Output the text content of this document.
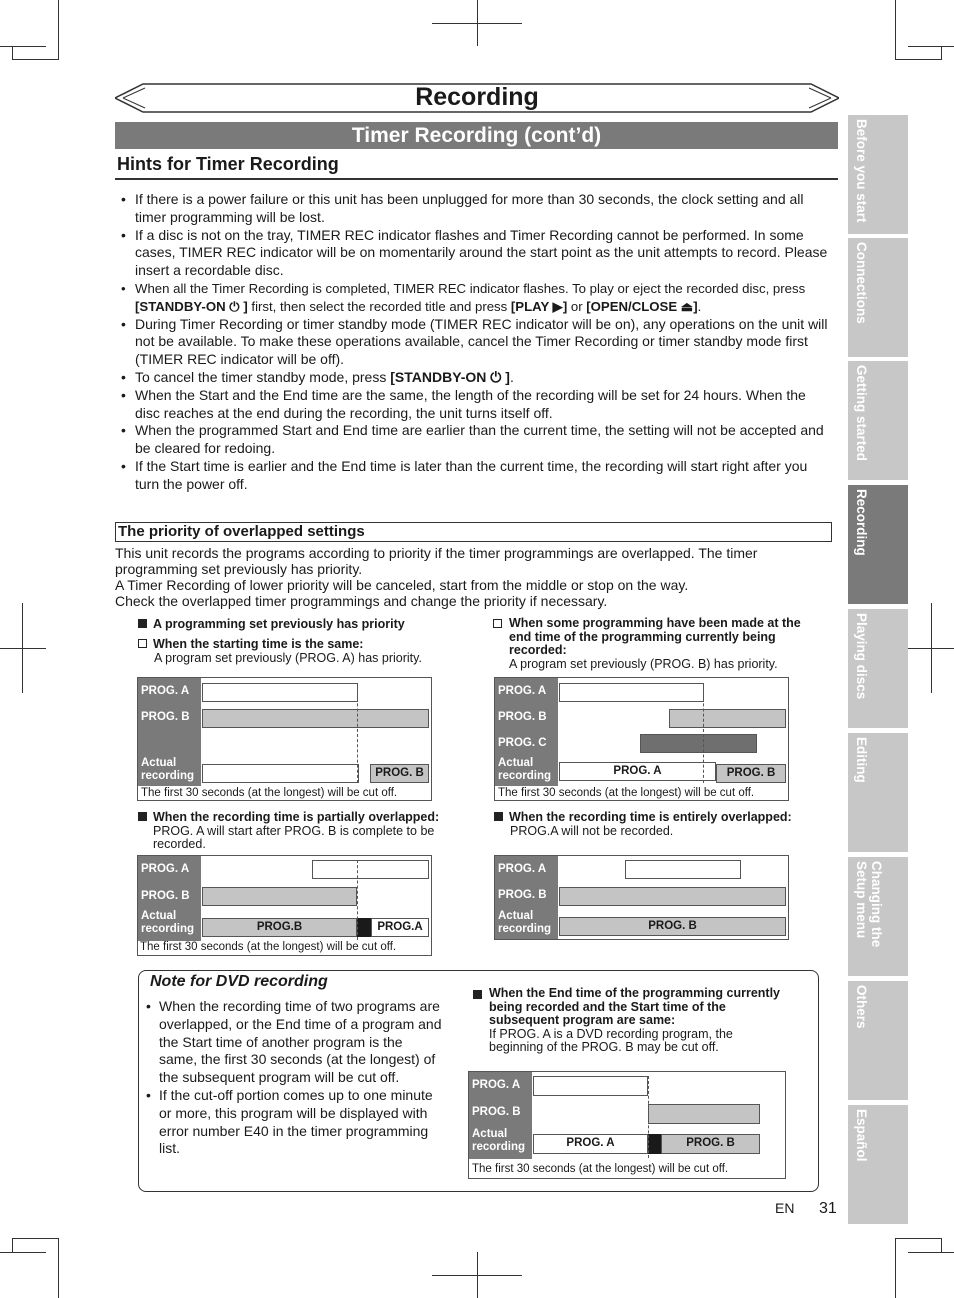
Recording
Timer Recording (cont’d)
Hints for Timer Recording
• If there is a power failure or this unit has been unplugged for more than 30 seconds, the clock setting and all timer programming will be lost.
• If a disc is not on the tray, TIMER REC indicator flashes and Timer Recording cannot be performed. In some cases, TIMER REC indicator will be on momentarily around the start point as the unit attempts to record. Please insert a recordable disc.
• When all the Timer Recording is completed, TIMER REC indicator flashes. To play or eject the recorded disc, press [STANDBY-ON ⏻ ] first, then select the recorded title and press [PLAY ▶] or [OPEN/CLOSE ⏏].
• During Timer Recording or timer standby mode (TIMER REC indicator will be on), any operations on the unit will not be available. To make these operations available, cancel the Timer Recording or timer standby mode first (TIMER REC indicator will be off).
• To cancel the timer standby mode, press [STANDBY-ON ⏻ ].
• When the Start and the End time are the same, the length of the recording will be set for 24 hours. When the disc reaches at the end during the recording, the unit turns itself off.
• When the programmed Start and End time are earlier than the current time, the setting will not be accepted and be cleared for redoing.
• If the Start time is earlier and the End time is later than the current time, the recording will start right after you turn the power off.
The priority of overlapped settings
This unit records the programs according to priority if the timer programmings are overlapped. The timer programming set previously has priority.
A Timer Recording of lower priority will be canceled, start from the middle or stop on the way.
Check the overlapped timer programmings and change the priority if necessary.
A programming set previously has priority
When the starting time is the same:
A program set previously (PROG. A) has priority.
When some programming have been made at the end time of the programming currently being recorded:
A program set previously (PROG. B) has priority.
PROG. A
PROG. B
Actual recording	PROG. B
The first 30 seconds (at the longest) will be cut off.
PROG. A
PROG. B
PROG. C
Actual recording	PROG. A	PROG. B
The first 30 seconds (at the longest) will be cut off.
When the recording time is partially overlapped:
PROG. A will start after PROG. B is complete to be recorded.
When the recording time is entirely overlapped:
PROG.A will not be recorded.
PROG. A
PROG. B
Actual recording	PROG.B	PROG.A
The first 30 seconds (at the longest) will be cut off.
PROG. A
PROG. B
Actual recording	PROG. B
Note for DVD recording
• When the recording time of two programs are overlapped, or the End time of a program and the Start time of another program is the same, the first 30 seconds (at the longest) of the subsequent program will be cut off.
• If the cut-off portion comes up to one minute or more, this program will be displayed with error number E40 in the timer programming list.
When the End time of the programming currently being recorded and the Start time of the subsequent program are same:
If PROG. A is a DVD recording program, the beginning of the PROG. B may be cut off.
PROG. A
PROG. B
Actual recording	PROG. A	PROG. B
The first 30 seconds (at the longest) will be cut off.
Before you start
Connections
Getting started
Recording
Playing discs
Editing
Changing the
Setup menu
Others
Español
EN 31
